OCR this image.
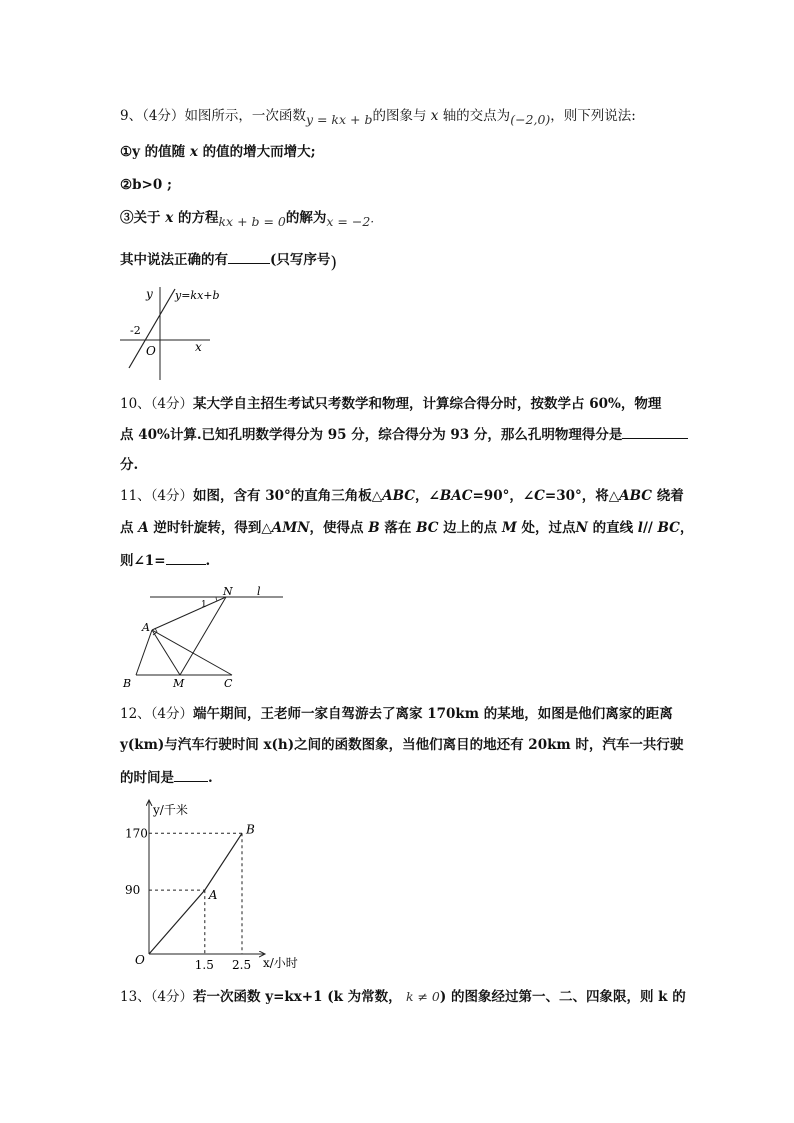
9、（4分）如图所示，一次函数y = kx + b的图象与 x 轴的交点为(−2,0)，则下列说法:
①y 的值随 x 的值的增大而增大;
②b>0 ;
③关于 x 的方程kx + b = 0的解为x = −2·
其中说法正确的有	(只写序号)
y y=kx+b
-2
O	x
10、（4分）某大学自主招生考试只考数学和物理，计算综合得分时，按数学占 60%，物理
点 40%计算.已知孔明数学得分为 95 分，综合得分为 93 分，那么孔明物理得分是
分.
11、（4分）如图，含有 30°的直角三角板△ABC，∠BAC=90°，∠C=30°，将△ABC 绕着
点 A 逆时针旋转，得到△AMN，使得点 B 落在 BC 边上的点 M 处，过点N 的直线 l// BC，
则∠1=	.
N l
1
A
B	M	C
12、（4分）端午期间，王老师一家自驾游去了离家 170km 的某地，如图是他们离家的距离
y(km)与汽车行驶时间 x(h)之间的函数图象，当他们离目的地还有 20km 时，汽车一共行驶
的时间是	.
y/千米
x/小时
O
A
B
1.5 2.5
90
170
13、（4分）若一次函数 y=kx+1 (k 为常数， k ≠ 0) 的图象经过第一、二、四象限，则 k 的
